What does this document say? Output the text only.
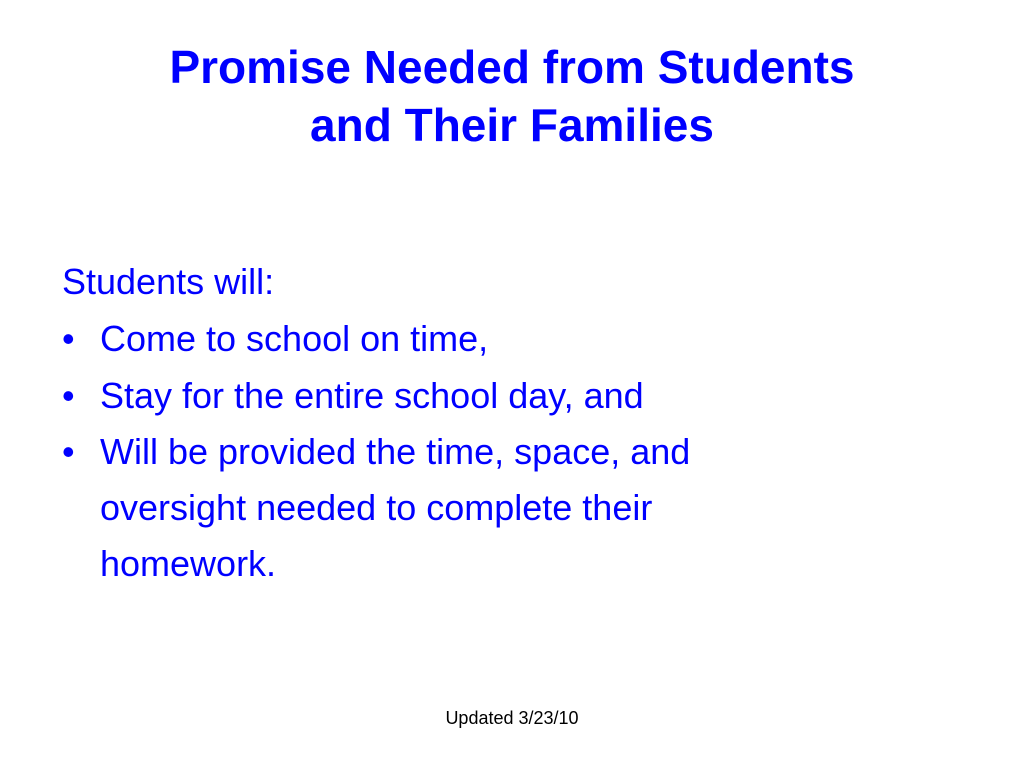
Promise Needed from Students
and Their Families

Students will:

• Come to school on time,
• Stay for the entire school day, and
• Will be provided the time, space, and
oversight needed to complete their
homework.
Updated 3/23/10
